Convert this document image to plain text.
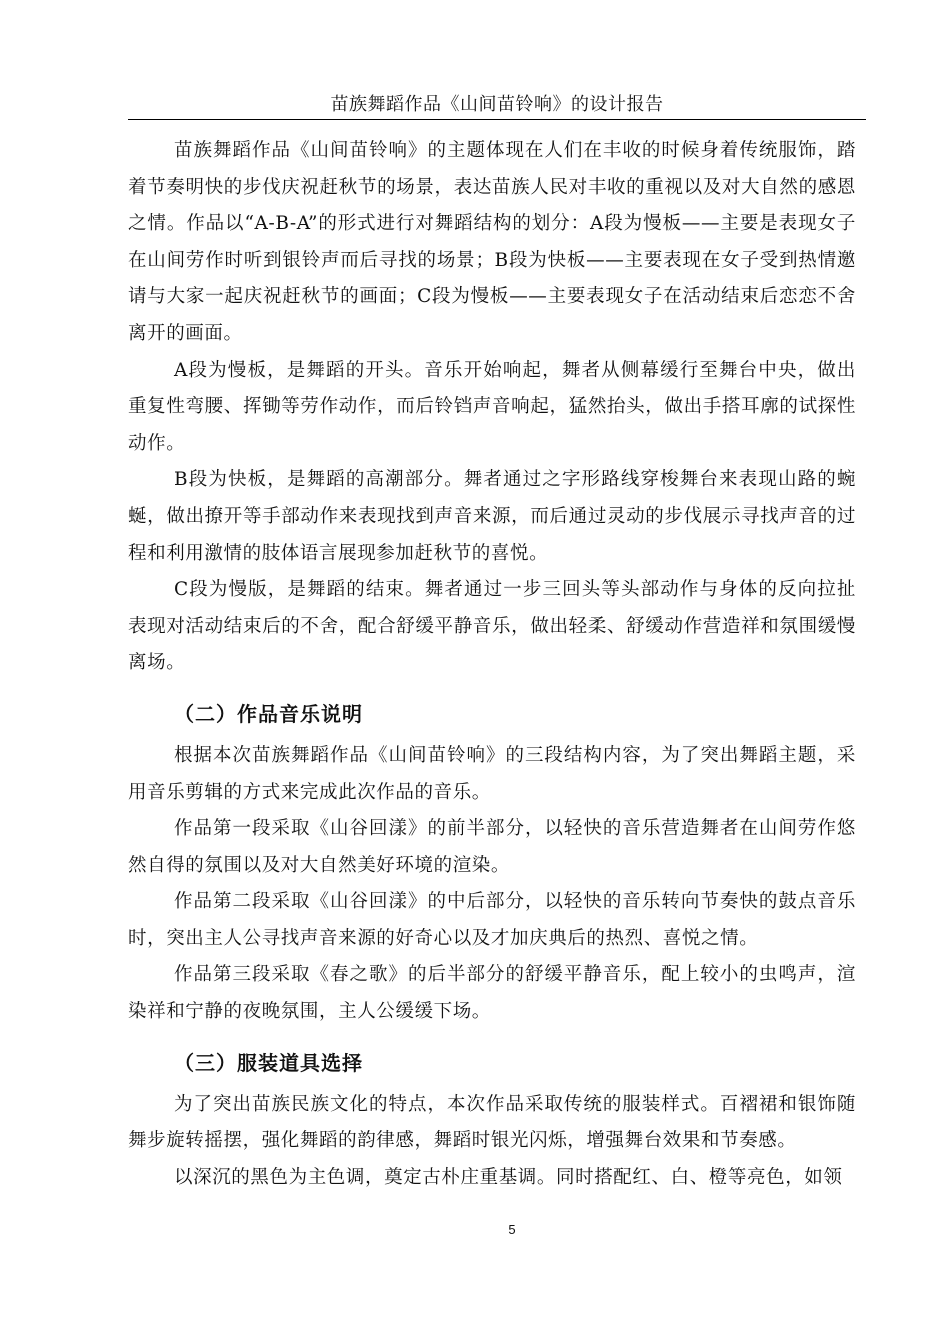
苗族舞蹈作品《山间苗铃响》的设计报告

苗族舞蹈作品《山间苗铃响》的主题体现在人们在丰收的时候身着传统服饰，踏着节奏明快的步伐庆祝赶秋节的场景，表达苗族人民对丰收的重视以及对大自然的感恩之情。作品以“A-B-A”的形式进行对舞蹈结构的划分：A段为慢板——主要是表现女子在山间劳作时听到银铃声而后寻找的场景；B段为快板——主要表现在女子受到热情邀请与大家一起庆祝赶秋节的画面；C段为慢板——主要表现女子在活动结束后恋恋不舍离开的画面。

A段为慢板，是舞蹈的开头。音乐开始响起，舞者从侧幕缓行至舞台中央，做出重复性弯腰、挥锄等劳作动作，而后铃铛声音响起，猛然抬头，做出手搭耳廓的试探性动作。

B段为快板，是舞蹈的高潮部分。舞者通过之字形路线穿梭舞台来表现山路的蜿蜒，做出撩开等手部动作来表现找到声音来源，而后通过灵动的步伐展示寻找声音的过程和利用激情的肢体语言展现参加赶秋节的喜悦。

C段为慢版，是舞蹈的结束。舞者通过一步三回头等头部动作与身体的反向拉扯表现对活动结束后的不舍，配合舒缓平静音乐，做出轻柔、舒缓动作营造祥和氛围缓慢离场。

（二）作品音乐说明

根据本次苗族舞蹈作品《山间苗铃响》的三段结构内容，为了突出舞蹈主题，采用音乐剪辑的方式来完成此次作品的音乐。

作品第一段采取《山谷回漾》的前半部分，以轻快的音乐营造舞者在山间劳作悠然自得的氛围以及对大自然美好环境的渲染。

作品第二段采取《山谷回漾》的中后部分，以轻快的音乐转向节奏快的鼓点音乐时，突出主人公寻找声音来源的好奇心以及才加庆典后的热烈、喜悦之情。

作品第三段采取《春之歌》的后半部分的舒缓平静音乐，配上较小的虫鸣声，渲染祥和宁静的夜晚氛围，主人公缓缓下场。

（三）服装道具选择

为了突出苗族民族文化的特点，本次作品采取传统的服装样式。百褶裙和银饰随舞步旋转摇摆，强化舞蹈的韵律感，舞蹈时银光闪烁，增强舞台效果和节奏感。

以深沉的黑色为主色调，奠定古朴庄重基调。同时搭配红、白、橙等亮色，如领

5
